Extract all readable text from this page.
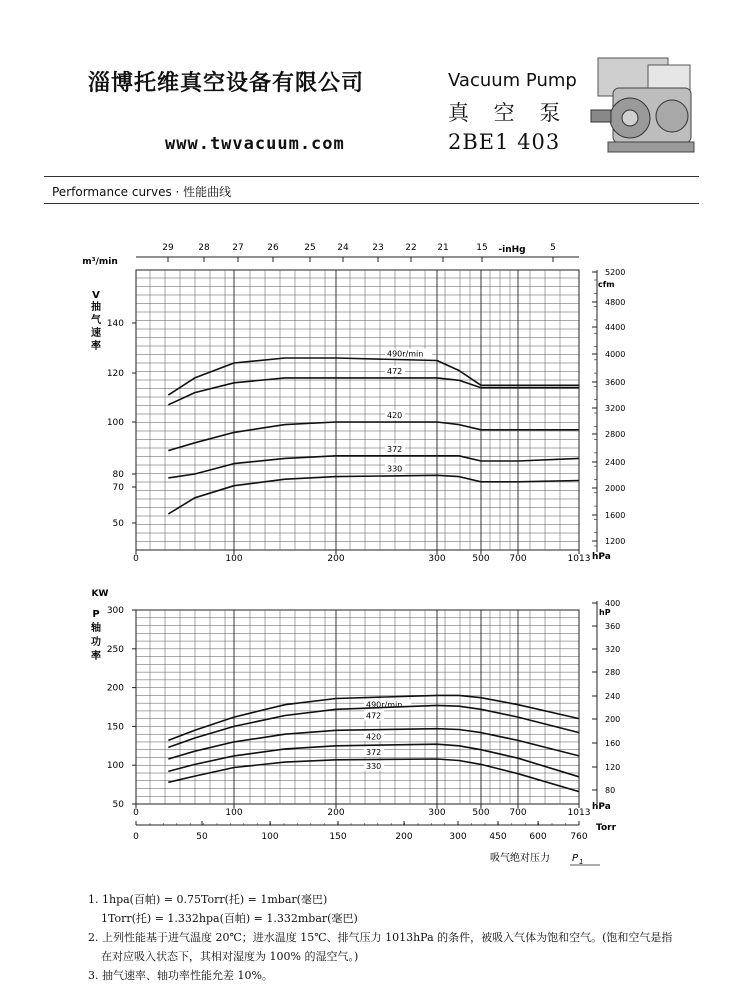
淄博托维真空设备有限公司
www.twvacuum.com
Vacuum Pump
真 空 泵
2BE1 403
Performance curves · 性能曲线
29	28	27	26	25 24	23 22 21	15	5
140
120
100
80
70
50
5200
4800
4400
4000
3600
3200
2800
2400
2000
1600
1200
0	100	200	300	500 700	1013
490r/min
472
420
372
330
m³/min
cfm
hPa
-inHg
V
抽
气
速
率
300
250
200
150
100
50
400
360
320
280
240
200
160
120
80
0	100	200	300	500 700	1013
0	50	100	150	200	300	450	600	760
490r/min
472
420
372
330
KW
hP
hPa
Torr
吸气绝对压力 P 1
P
轴
功
率
1. 1hpa(百帕) = 0.75Torr(托) = 1mbar(毫巴)
1Torr(托) = 1.332hpa(百帕) = 1.332mbar(毫巴)
2. 上列性能基于进气温度 20℃；进水温度 15℃、排气压力 1013hPa 的条件，被吸入气体为饱和空气。(饱和空气是指
在对应吸入状态下，其相对湿度为 100% 的湿空气。)
3. 抽气速率、轴功率性能允差 10%。
